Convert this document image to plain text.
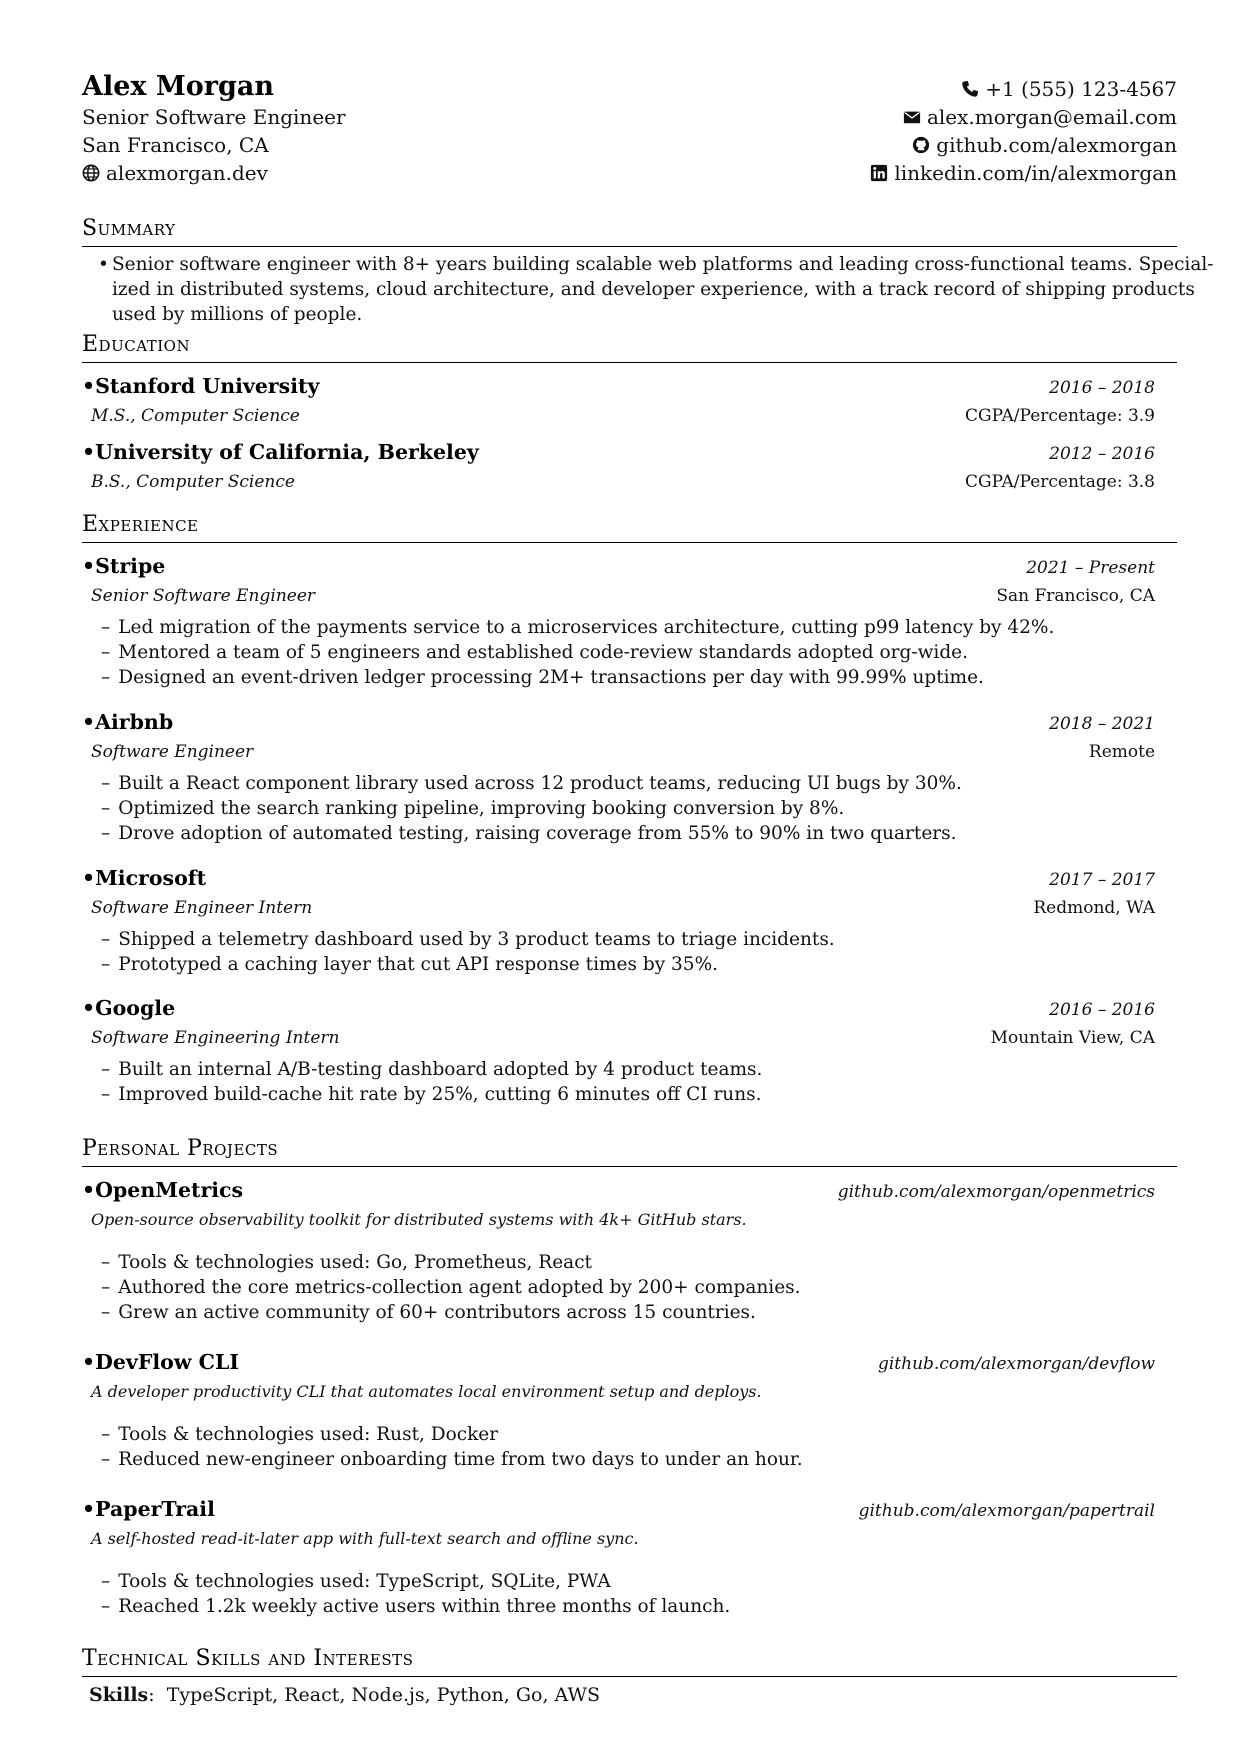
Alex Morgan
Senior Software Engineer
San Francisco, CA
alexmorgan.dev
+1 (555) 123-4567
alex.morgan@email.com
github.com/alexmorgan
linkedin.com/in/alexmorgan
Summary
• Senior software engineer with 8+ years building scalable web platforms and leading cross-functional teams. Special-
ized in distributed systems, cloud architecture, and developer experience, with a track record of shipping products
used by millions of people.
Education
•Stanford University	2016 – 2018
M.S., Computer Science	CGPA/Percentage: 3.9
•University of California, Berkeley	2012 – 2016
B.S., Computer Science	CGPA/Percentage: 3.8
Experience
•Stripe	2021 – Present
Senior Software Engineer	San Francisco, CA
– Led migration of the payments service to a microservices architecture, cutting p99 latency by 42%.
– Mentored a team of 5 engineers and established code-review standards adopted org-wide.
– Designed an event-driven ledger processing 2M+ transactions per day with 99.99% uptime.
•Airbnb	2018 – 2021
Software Engineer	Remote
– Built a React component library used across 12 product teams, reducing UI bugs by 30%.
– Optimized the search ranking pipeline, improving booking conversion by 8%.
– Drove adoption of automated testing, raising coverage from 55% to 90% in two quarters.
•Microsoft	2017 – 2017
Software Engineer Intern	Redmond, WA
– Shipped a telemetry dashboard used by 3 product teams to triage incidents.
– Prototyped a caching layer that cut API response times by 35%.
•Google	2016 – 2016
Software Engineering Intern	Mountain View, CA
– Built an internal A/B-testing dashboard adopted by 4 product teams.
– Improved build-cache hit rate by 25%, cutting 6 minutes off CI runs.
Personal Projects
•OpenMetrics	github.com/alexmorgan/openmetrics
Open-source observability toolkit for distributed systems with 4k+ GitHub stars.
– Tools & technologies used: Go, Prometheus, React
– Authored the core metrics-collection agent adopted by 200+ companies.
– Grew an active community of 60+ contributors across 15 countries.
•DevFlow CLI	github.com/alexmorgan/devflow
A developer productivity CLI that automates local environment setup and deploys.
– Tools & technologies used: Rust, Docker
– Reduced new-engineer onboarding time from two days to under an hour.
•PaperTrail	github.com/alexmorgan/papertrail
A self-hosted read-it-later app with full-text search and offline sync.
– Tools & technologies used: TypeScript, SQLite, PWA
– Reached 1.2k weekly active users within three months of launch.
Technical Skills and Interests
Skills:  TypeScript, React, Node.js, Python, Go, AWS
